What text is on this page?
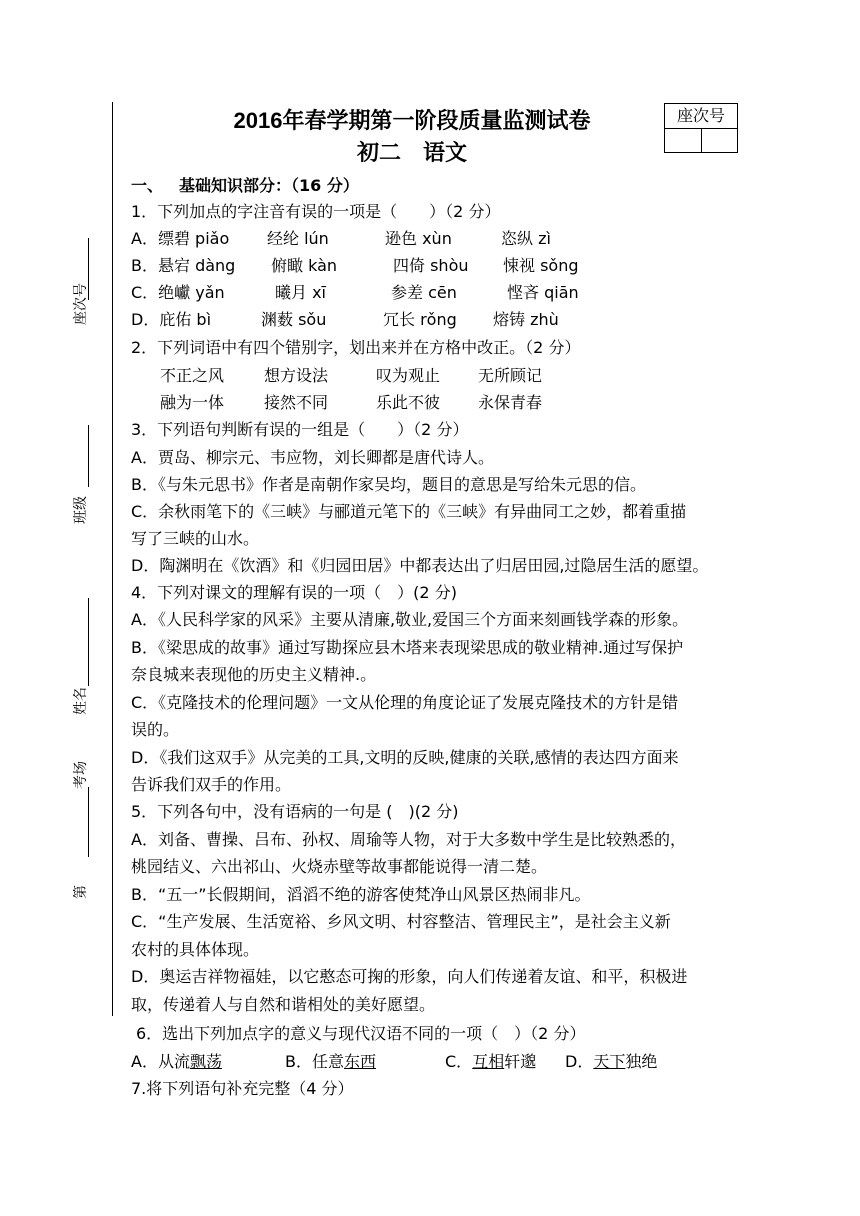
座次号
班级
姓名
考场
第
2016年春学期第一阶段质量监测试卷
初二　语文
座次号
一、 基础知识部分：（16 分）
1．下列加点的字注音有误的一项是（　　）（2 分）
A．缥碧 piǎo 经纶 lún	逊色 xùn	恣纵 zì
B．悬宕 dàng 俯瞰 kàn	四倚 shòu 悚视 sǒng
C．绝巘 yǎn	曦月 xī	参差 cēn	悭吝 qiān
D．庇佑 bì	渊薮 sǒu	冗长 rǒng 熔铸 zhù
2．下列词语中有四个错别字，划出来并在方格中改正。（2 分）
不正之风 想方设法	叹为观止 无所顾记
融为一体 接然不同	乐此不彼 永保青春
3．下列语句判断有误的一组是（　　）（2 分）
A．贾岛、柳宗元、韦应物，刘长卿都是唐代诗人。
B．《与朱元思书》作者是南朝作家吴均，题目的意思是写给朱元思的信。
C．余秋雨笔下的《三峡》与郦道元笔下的《三峡》有异曲同工之妙，都着重描
写了三峡的山水。
D．陶渊明在《饮酒》和《归园田居》中都表达出了归居田园,过隐居生活的愿望。
4．下列对课文的理解有误的一项（　）(2 分)
A．《人民科学家的风采》主要从清廉,敬业,爱国三个方面来刻画钱学森的形象。
B．《梁思成的故事》通过写勘探应县木塔来表现梁思成的敬业精神.通过写保护
奈良城来表现他的历史主义精神.。
C．《克隆技术的伦理问题》一文从伦理的角度论证了发展克隆技术的方针是错
误的。
D．《我们这双手》从完美的工具,文明的反映,健康的关联,感情的表达四方面来
告诉我们双手的作用。
5．下列各句中，没有语病的一句是 (　)(2 分)
A．刘备、曹操、吕布、孙权、周瑜等人物，对于大多数中学生是比较熟悉的，
桃园结义、六出祁山、火烧赤壁等故事都能说得一清二楚。
B．“五一”长假期间，滔滔不绝的游客使梵净山风景区热闹非凡。
C．“生产发展、生活宽裕、乡风文明、村容整洁、管理民主”，是社会主义新
农村的具体体现。
D．奥运吉祥物福娃，以它憨态可掬的形象，向人们传递着友谊、和平，积极进
取，传递着人与自然和谐相处的美好愿望。
6．选出下列加点字的意义与现代汉语不同的一项（　）（2 分）
A．从流飘荡	B．任意东西	C．互相轩邈 D．天下独绝
7.将下列语句补充完整（4 分）
